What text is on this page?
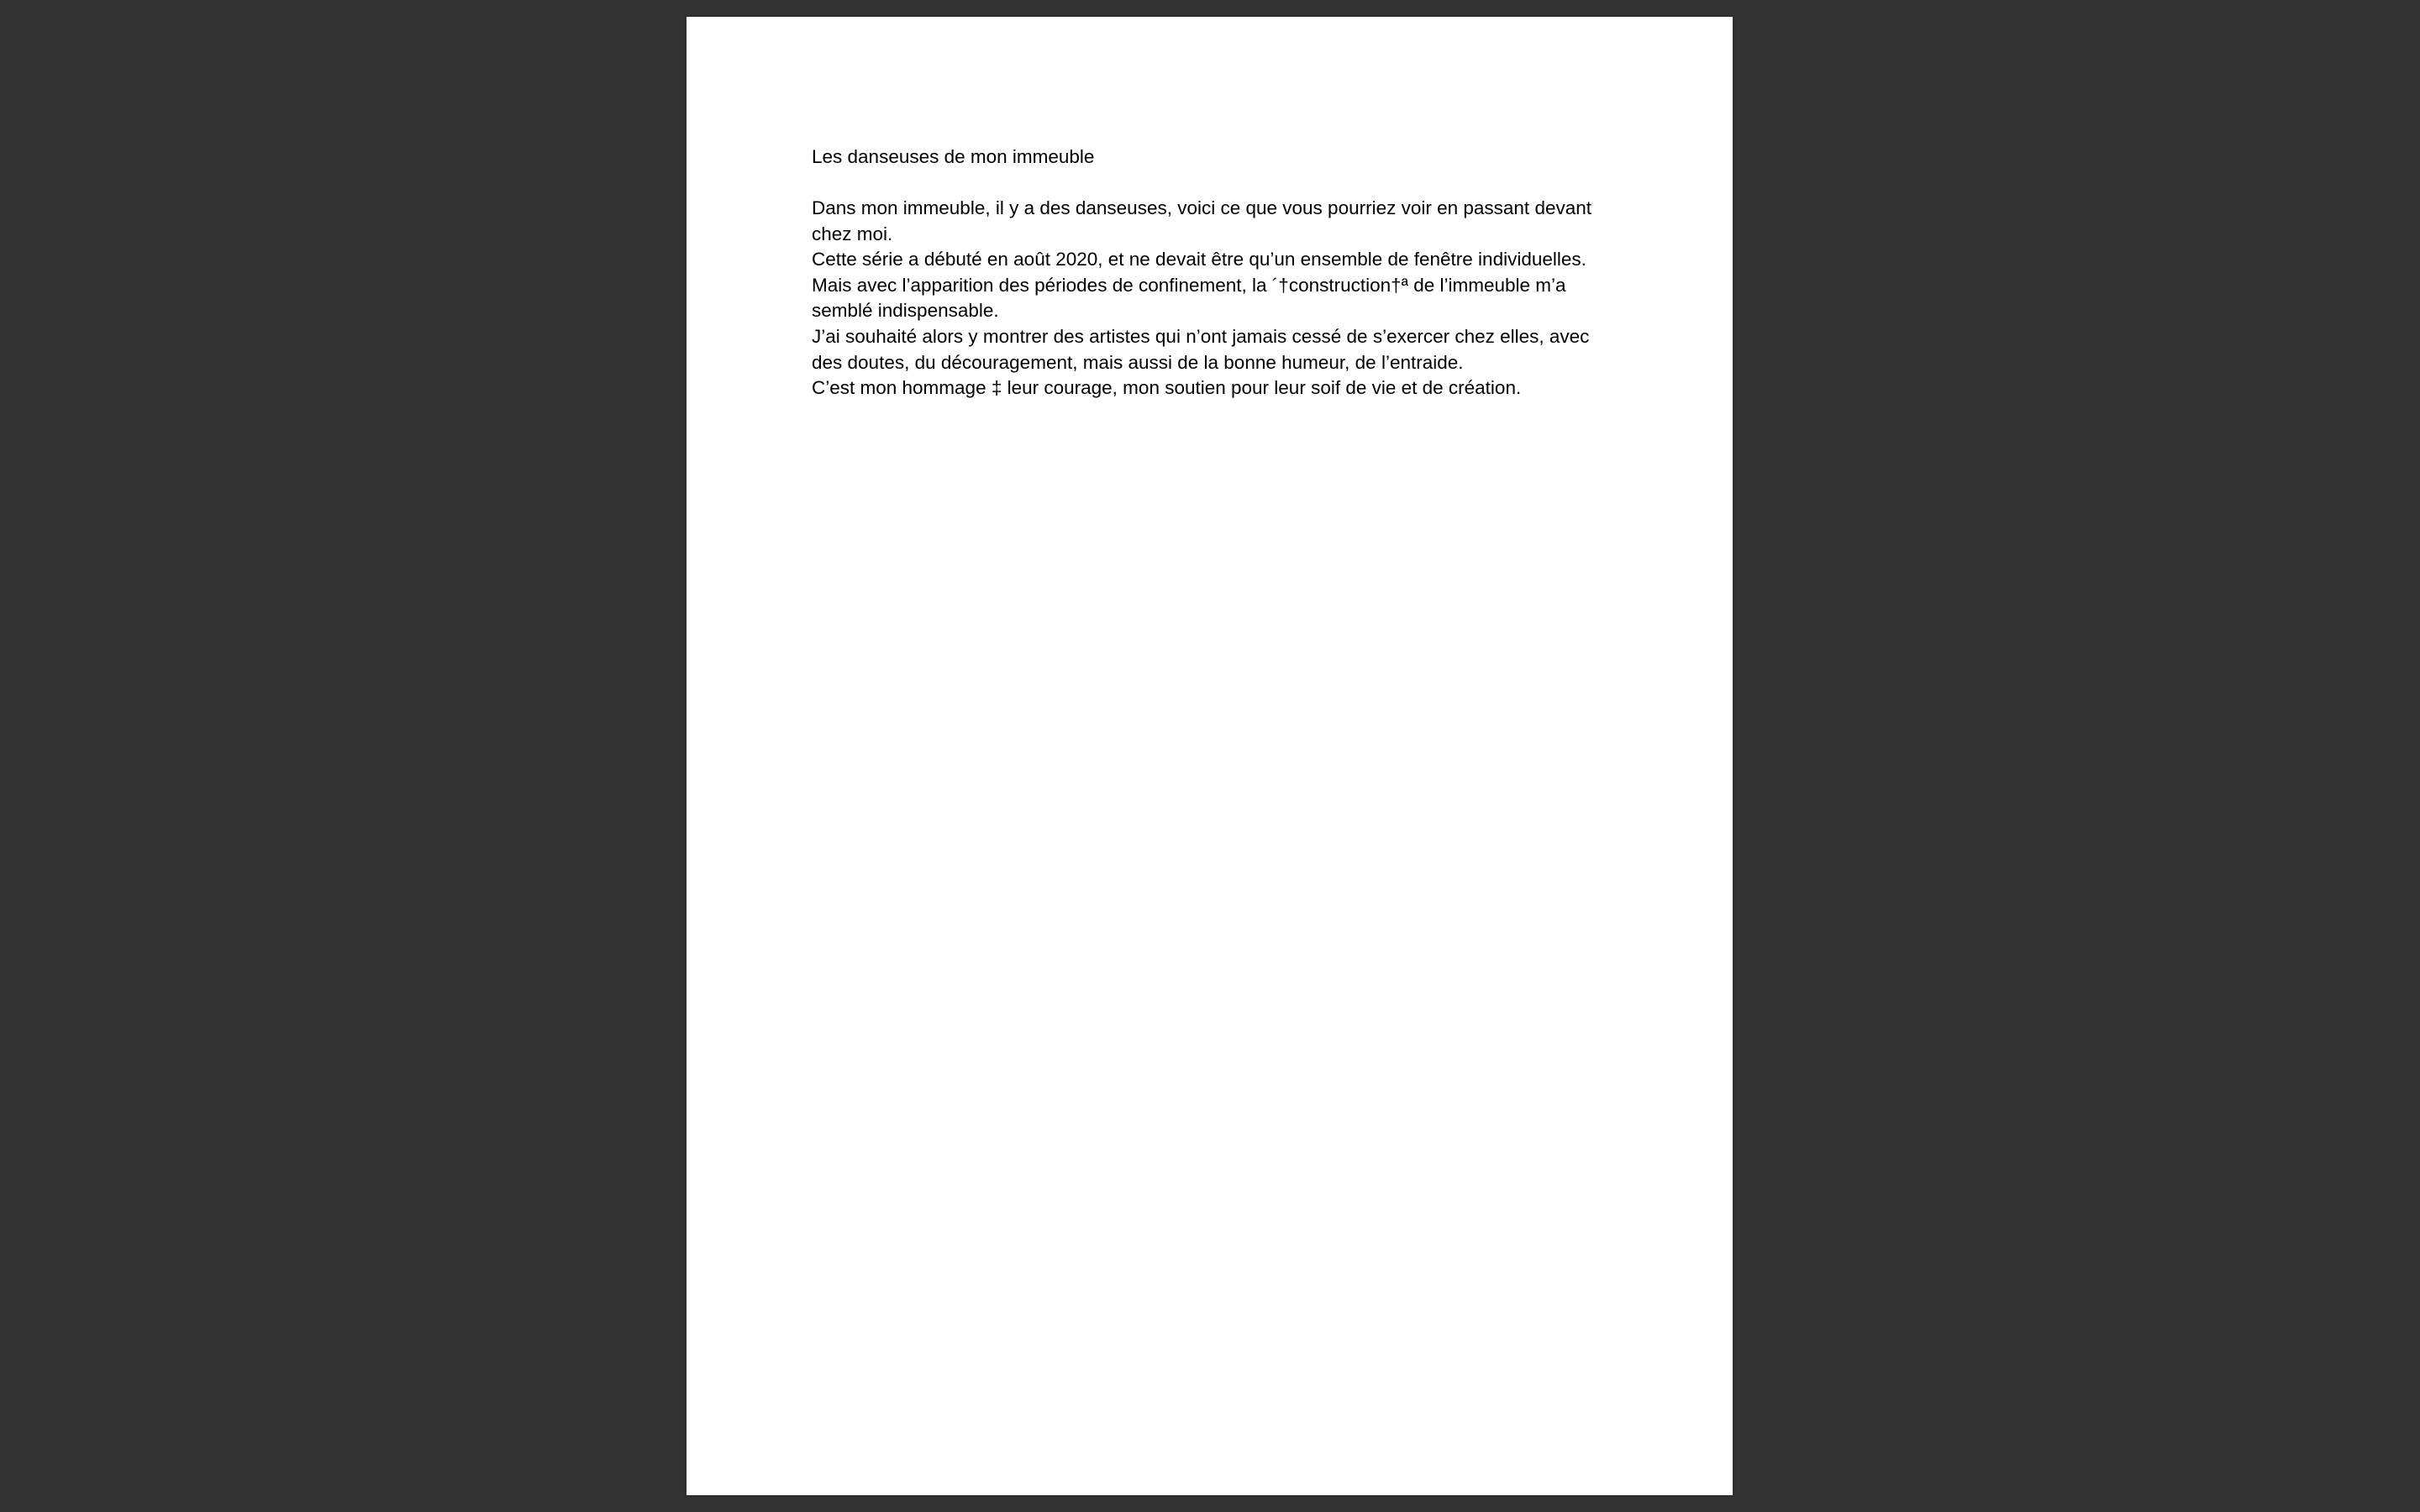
Les danseuses de mon immeuble

Dans mon immeuble, il y a des danseuses, voici ce que vous pourriez voir en passant devant chez moi.

Cette série a débuté en août 2020, et ne devait être qu’un ensemble de fenêtre individuelles. Mais avec l’apparition des périodes de confinement, la ´†construction†ª de l’immeuble m’a semblé indispensable.

J’ai souhaité alors y montrer des artistes qui n’ont jamais cessé de s’exercer chez elles, avec des doutes, du découragement, mais aussi de la bonne humeur, de l’entraide.

C’est mon hommage ‡ leur courage, mon soutien pour leur soif de vie et de création.
